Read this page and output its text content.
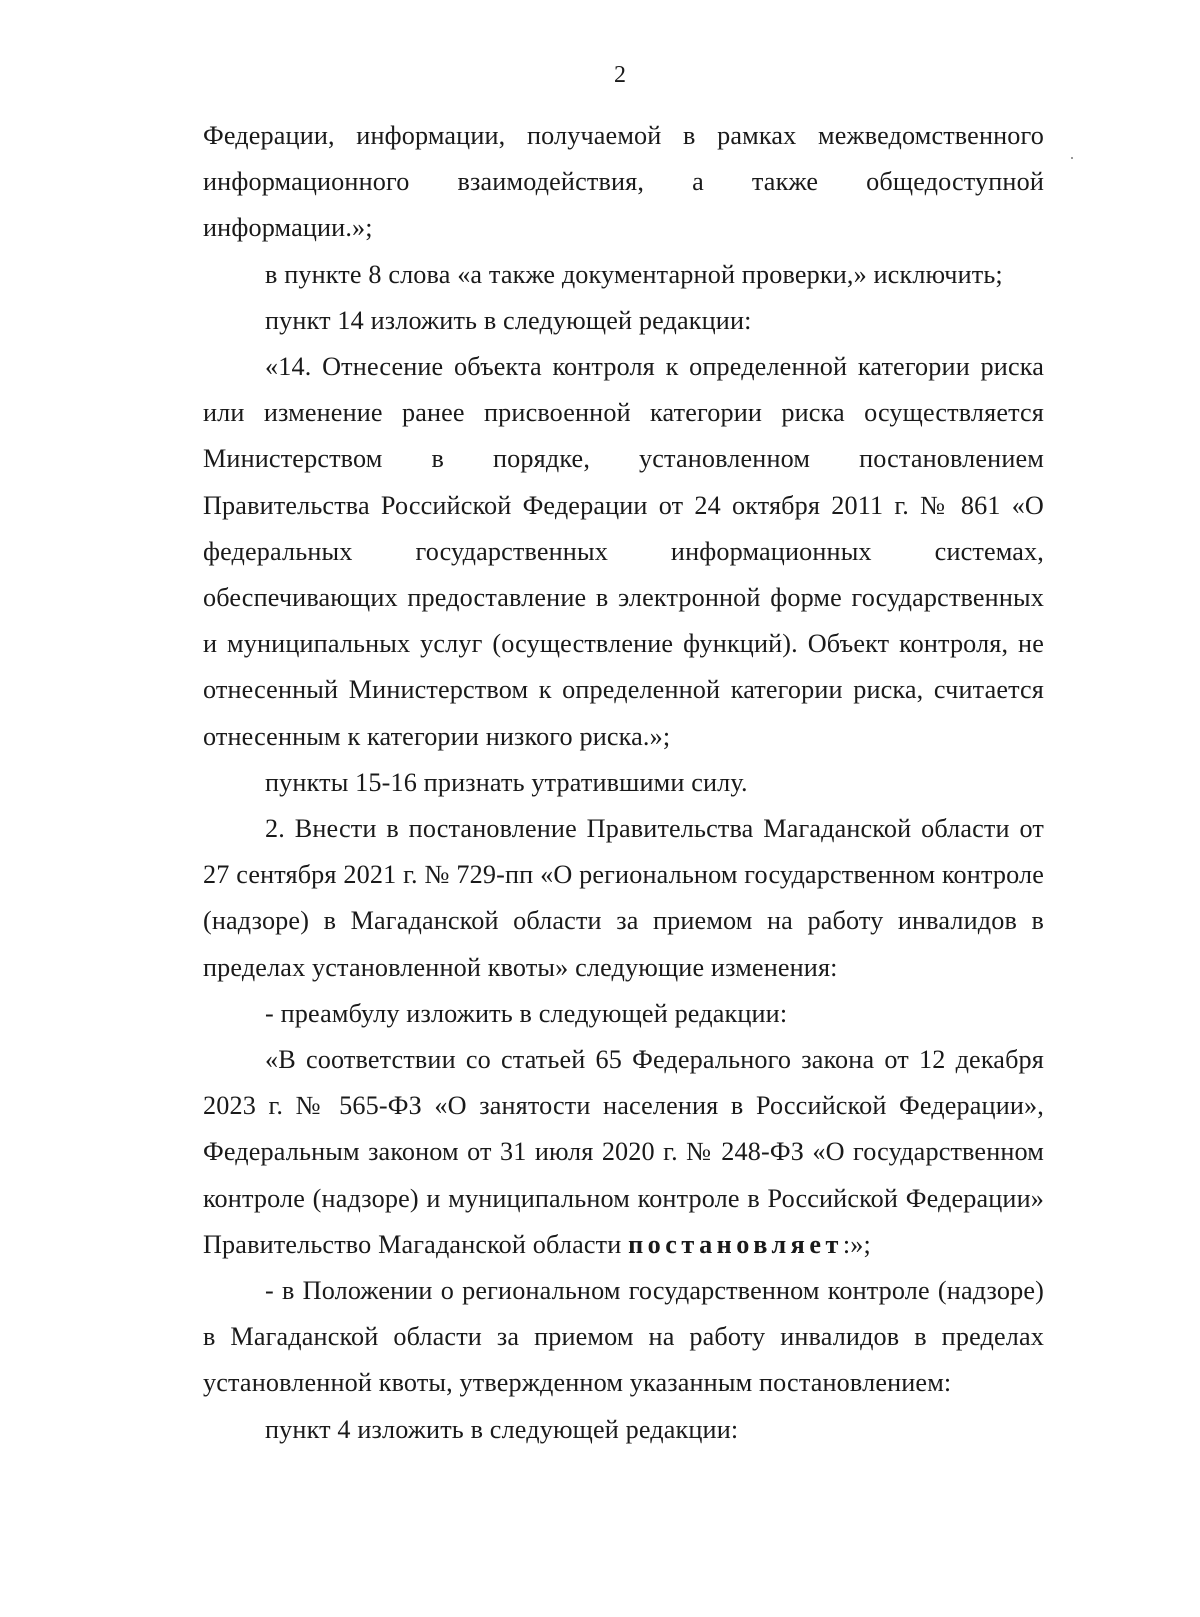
2

Федерации, информации, получаемой в рамках межведомственного информационного взаимодействия, а также общедоступной информации.»;

в пункте 8 слова «а также документарной проверки,» исключить;

пункт 14 изложить в следующей редакции:

«14. Отнесение объекта контроля к определенной категории риска или изменение ранее присвоенной категории риска осуществляется Министерством в порядке, установленном постановлением Правительства Российской Федерации от 24 октября 2011 г. № 861 «О федеральных государственных информационных системах, обеспечивающих предоставление в электронной форме государственных и муниципальных услуг (осуществление функций). Объект контроля, не отнесенный Министерством к определенной категории риска, считается отнесенным к категории низкого риска.»;

пункты 15-16 признать утратившими силу.

2. Внести в постановление Правительства Магаданской области от 27 сентября 2021 г. № 729-пп «О региональном государственном контроле (надзоре) в Магаданской области за приемом на работу инвалидов в пределах установленной квоты» следующие изменения:

- преамбулу изложить в следующей редакции:

«В соответствии со статьей 65 Федерального закона от 12 декабря 2023 г. № 565-ФЗ «О занятости населения в Российской Федерации», Федеральным законом от 31 июля 2020 г. № 248-ФЗ «О государственном контроле (надзоре) и муниципальном контроле в Российской Федерации» Правительство Магаданской области постановляет:»;

- в Положении о региональном государственном контроле (надзоре) в Магаданской области за приемом на работу инвалидов в пределах установленной квоты, утвержденном указанным постановлением:

пункт 4 изложить в следующей редакции:
